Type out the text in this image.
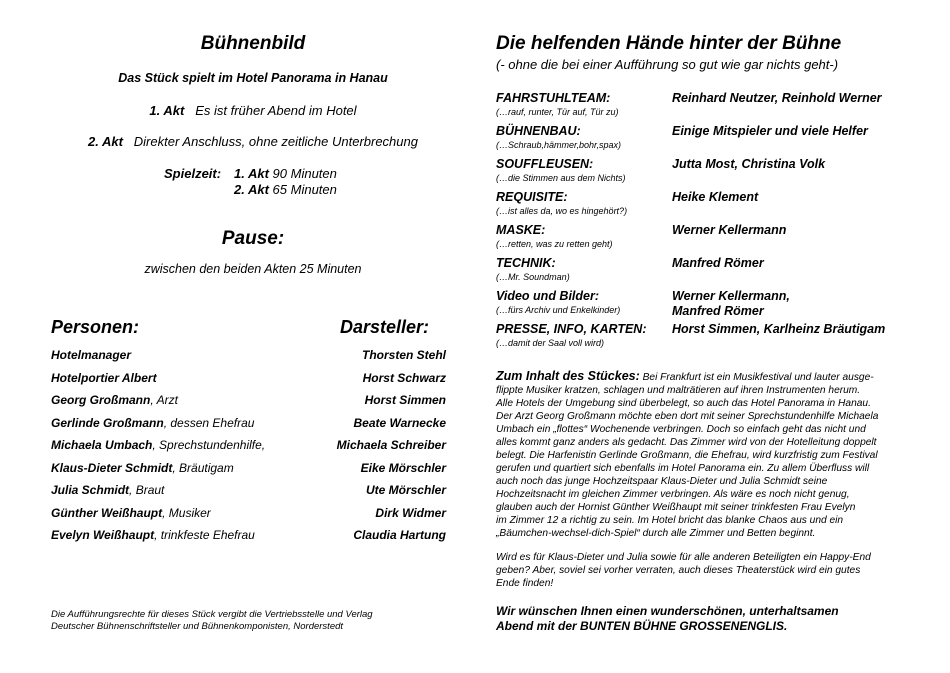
Bühnenbild
Das Stück spielt im Hotel Panorama in Hanau
1. Akt Es ist früher Abend im Hotel
2. Akt Direkter Anschluss, ohne zeitliche Unterbrechung
Spielzeit: 1. Akt 90 Minuten
2. Akt 65 Minuten
Pause:
zwischen den beiden Akten 25 Minuten
Personen:	Darsteller:
Hotelmanager	Thorsten Stehl
Hotelportier Albert	Horst Schwarz
Georg Großmann, Arzt	Horst Simmen
Gerlinde Großmann, dessen Ehefrau	Beate Warnecke
Michaela Umbach, Sprechstundenhilfe,	Michaela Schreiber
Klaus-Dieter Schmidt, Bräutigam	Eike Mörschler
Julia Schmidt, Braut	Ute Mörschler
Günther Weißhaupt, Musiker	Dirk Widmer
Evelyn Weißhaupt, trinkfeste Ehefrau	Claudia Hartung
Die Aufführungsrechte für dieses Stück vergibt die Vertriebsstelle und Verlag
Deutscher Bühnenschriftsteller und Bühnenkomponisten, Norderstedt
Die helfenden Hände hinter der Bühne
(- ohne die bei einer Aufführung so gut wie gar nichts geht-)
FAHRSTUHLTEAM:
(…rauf, runter, Tür auf, Tür zu)
Reinhard Neutzer, Reinhold Werner
BÜHNENBAU:
(…Schraub,hämmer,bohr,spax)
Einige Mitspieler und viele Helfer
SOUFFLEUSEN:
(…die Stimmen aus dem Nichts)
Jutta Most, Christina Volk
REQUISITE:
(…ist alles da, wo es hingehört?)
Heike Klement
MASKE:
(…retten, was zu retten geht)
Werner Kellermann
TECHNIK:
(…Mr. Soundman)
Manfred Römer
Video und Bilder:
(…fürs Archiv und Enkelkinder)
Werner Kellermann,
Manfred Römer
PRESSE, INFO, KARTEN:
(…damit der Saal voll wird)
Horst Simmen, Karlheinz Bräutigam
Zum Inhalt des Stückes: Bei Frankfurt ist ein Musikfestival und lauter ausge-
flippte Musiker kratzen, schlagen und malträtieren auf ihren Instrumenten herum.
Alle Hotels der Umgebung sind überbelegt, so auch das Hotel Panorama in Hanau.
Der Arzt Georg Großmann möchte eben dort mit seiner Sprechstundenhilfe Michaela
Umbach ein „flottes“ Wochenende verbringen. Doch so einfach geht das nicht und
alles kommt ganz anders als gedacht. Das Zimmer wird von der Hotelleitung doppelt
belegt. Die Harfenistin Gerlinde Großmann, die Ehefrau, wird kurzfristig zum Festival
gerufen und quartiert sich ebenfalls im Hotel Panorama ein. Zu allem Überfluss will
auch noch das junge Hochzeitspaar Klaus-Dieter und Julia Schmidt seine
Hochzeitsnacht im gleichen Zimmer verbringen. Als wäre es noch nicht genug,
glauben auch der Hornist Günther Weißhaupt mit seiner trinkfesten Frau Evelyn
im Zimmer 12 a richtig zu sein. Im Hotel bricht das blanke Chaos aus und ein
„Bäumchen-wechsel-dich-Spiel“ durch alle Zimmer und Betten beginnt.
Wird es für Klaus-Dieter und Julia sowie für alle anderen Beteiligten ein Happy-End
geben? Aber, soviel sei vorher verraten, auch dieses Theaterstück wird ein gutes
Ende finden!
Wir wünschen Ihnen einen wunderschönen, unterhaltsamen
Abend mit der BUNTEN BÜHNE GROSSENENGLIS.
